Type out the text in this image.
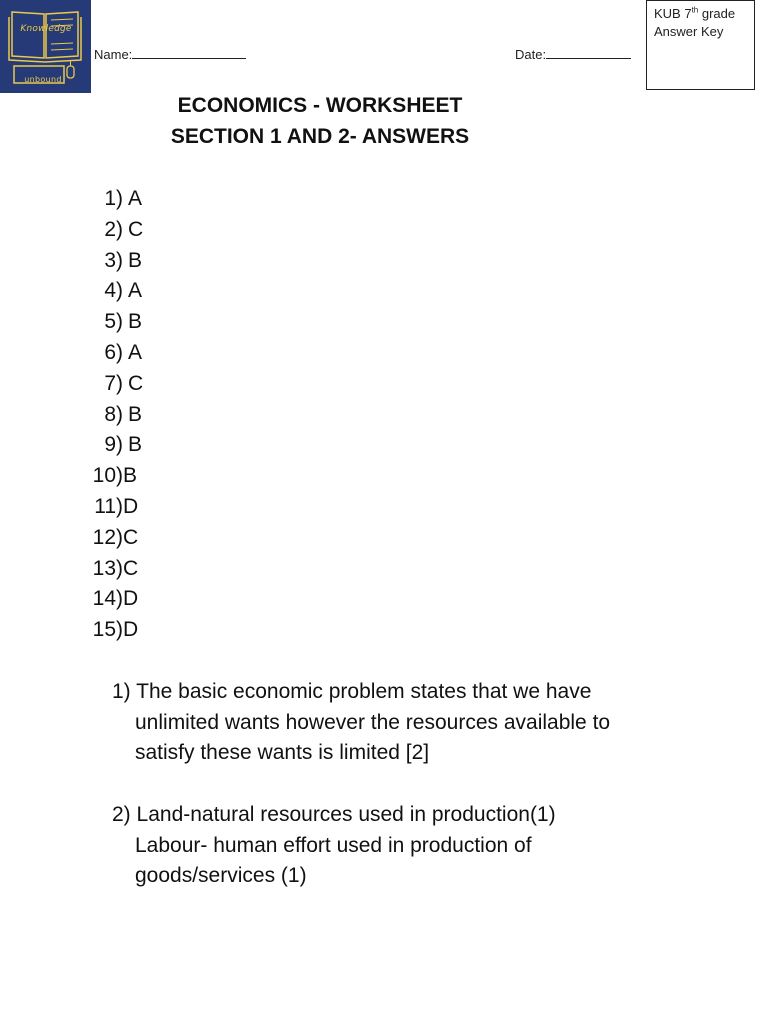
Knowledge
unbound
Name:	Date:
KUB 7th grade
Answer Key
ECONOMICS - WORKSHEET
SECTION 1 AND 2- ANSWERS
1) A
2) C
3) B
4) A
5) B
6) A
7) C
8) B
9) B
10)B
11)D
12)C
13)C
14)D
15)D
1) The basic economic problem states that we have
unlimited wants however the resources available to
satisfy these wants is limited [2]
2) Land-natural resources used in production(1)
Labour- human effort used in production of
goods/services (1)
